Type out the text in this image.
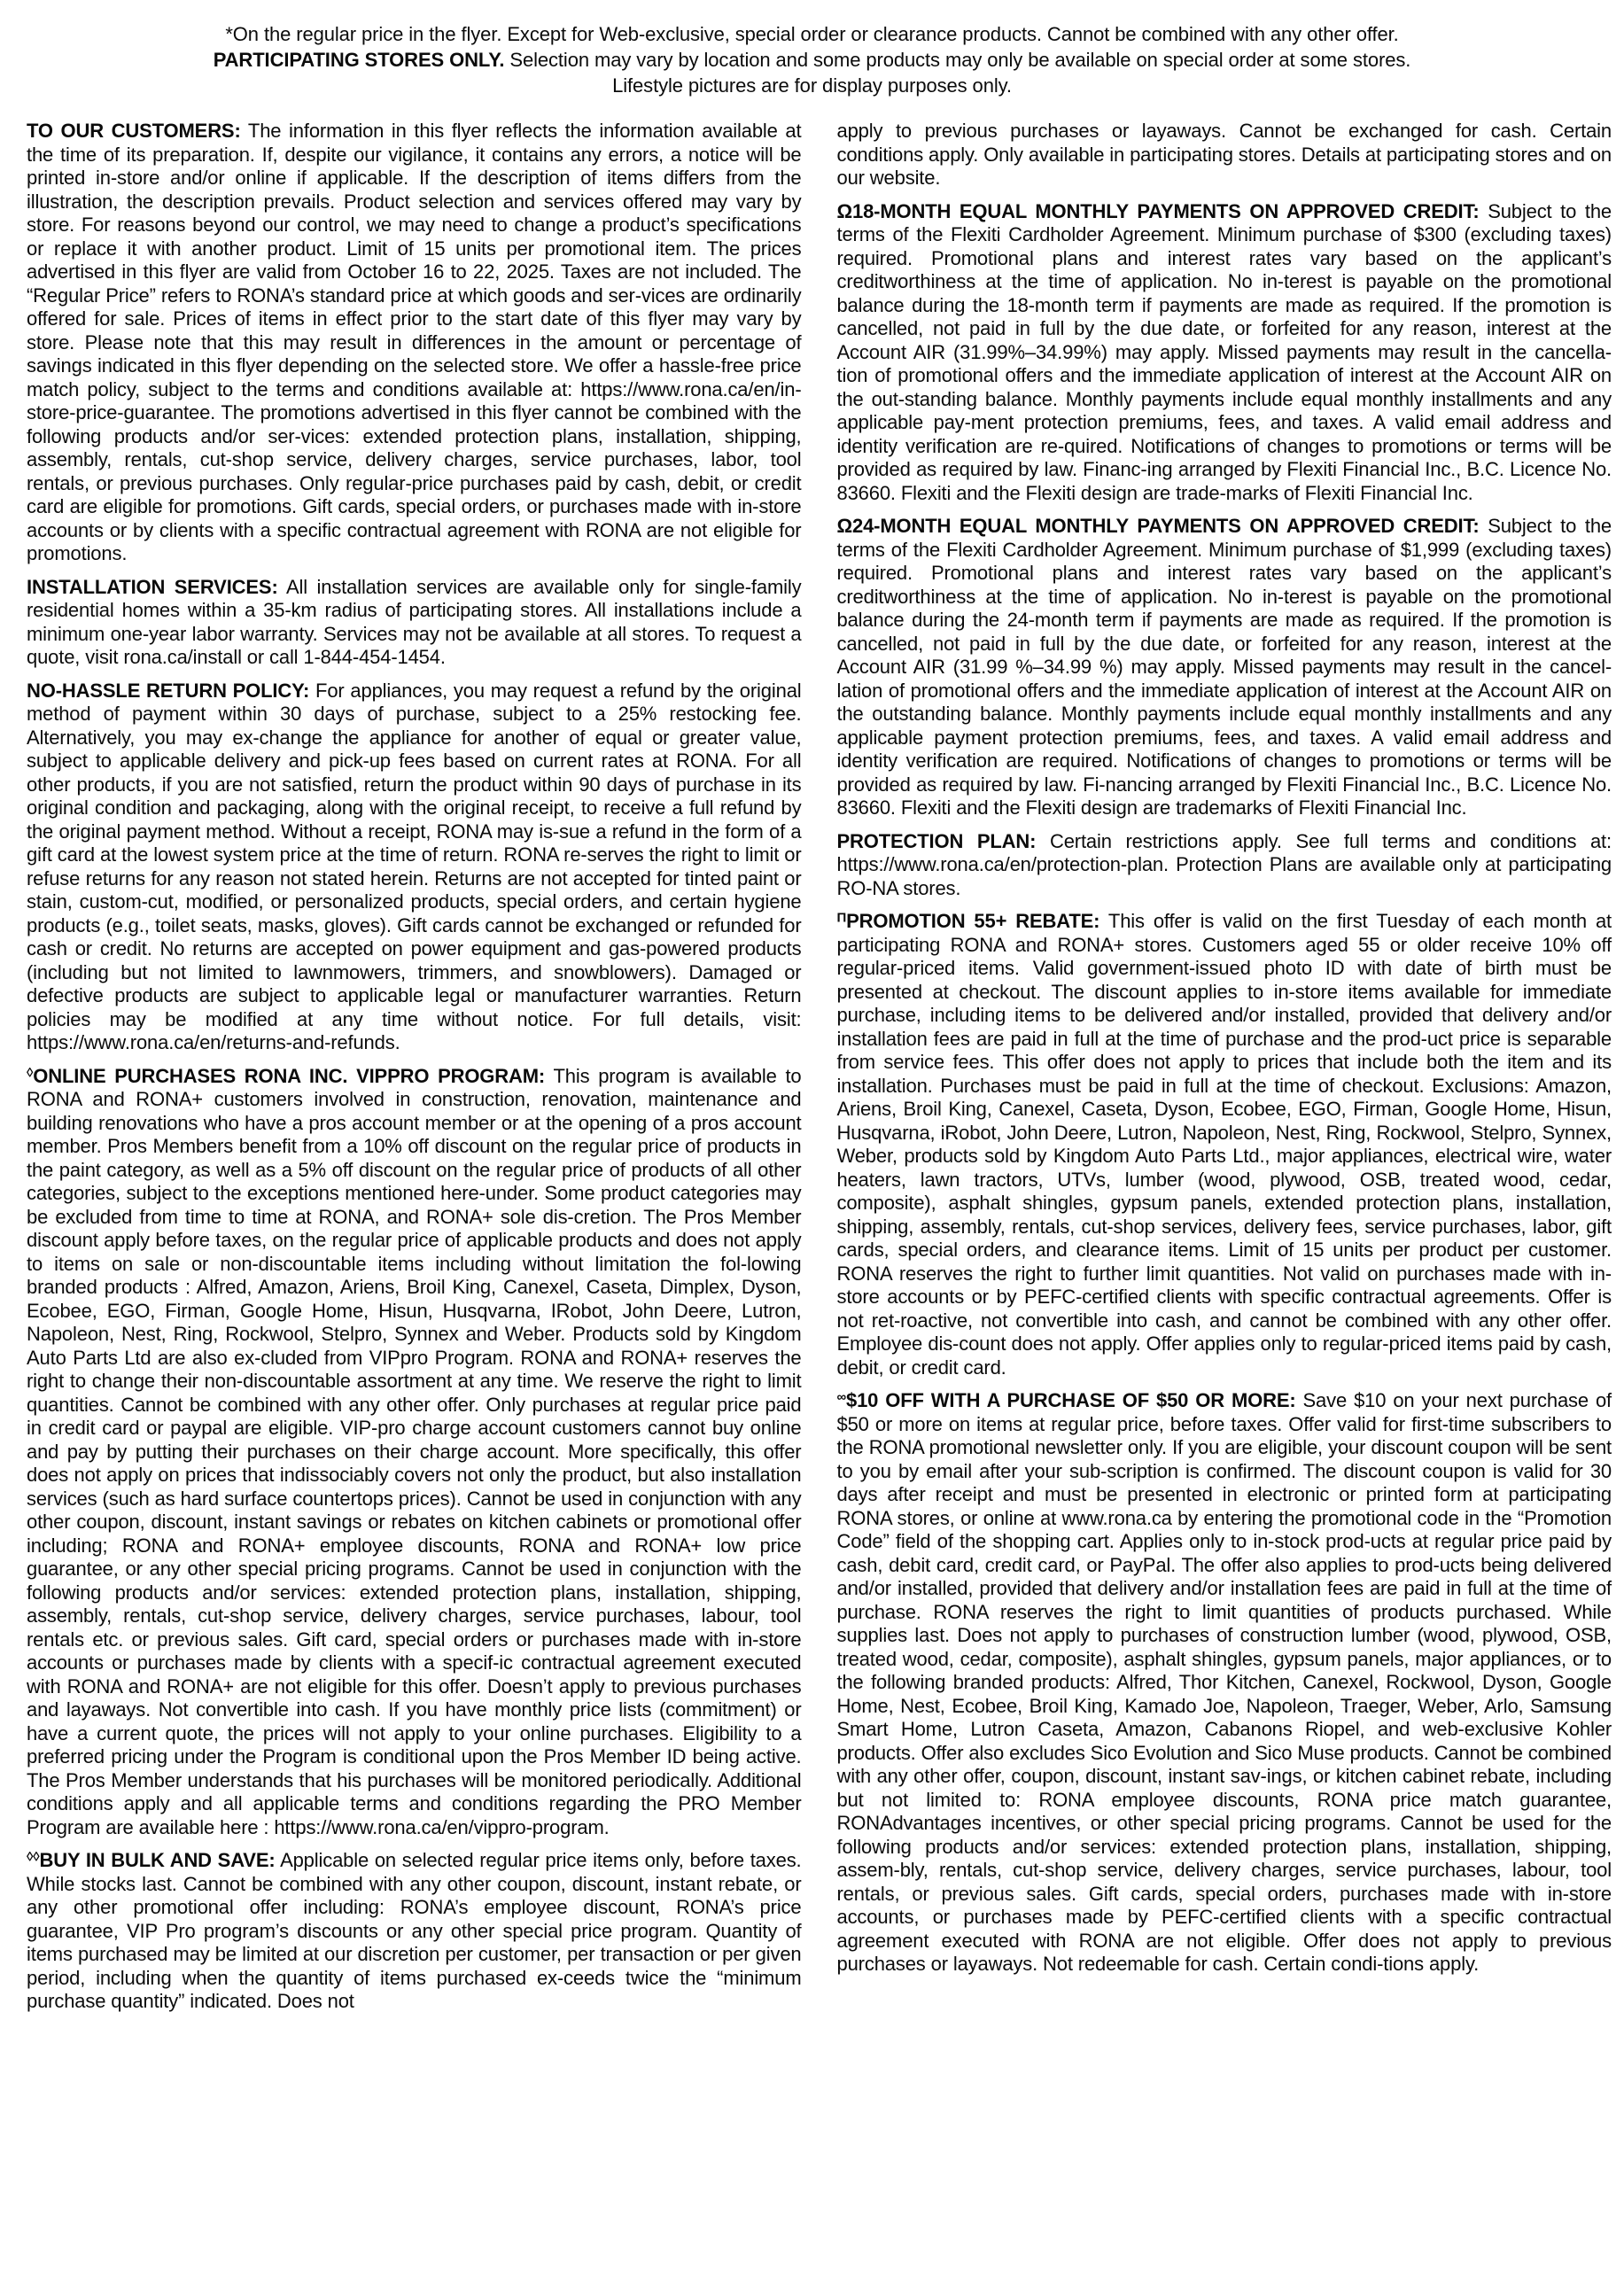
*On the regular price in the flyer. Except for Web-exclusive, special order or clearance products. Cannot be combined with any other offer.
PARTICIPATING STORES ONLY. Selection may vary by location and some products may only be available on special order at some stores.
Lifestyle pictures are for display purposes only.

TO OUR CUSTOMERS: The information in this flyer reflects the information available at the time of its preparation. If, despite our vigilance, it contains any errors, a notice will be printed in-store and/or online if applicable. If the description of items differs from the illustration, the description prevails. Product selection and services offered may vary by store. For reasons beyond our control, we may need to change a product’s specifications or replace it with another product. Limit of 15 units per promotional item. The prices advertised in this flyer are valid from October 16 to 22, 2025. Taxes are not included. The “Regular Price” refers to RONA’s standard price at which goods and ser-vices are ordinarily offered for sale. Prices of items in effect prior to the start date of this flyer may vary by store. Please note that this may result in differences in the amount or percentage of savings indicated in this flyer depending on the selected store. We offer a hassle-free price match policy, subject to the terms and conditions available at: https://www.rona.ca/en/in-store-price-guarantee. The promotions advertised in this flyer cannot be combined with the following products and/or ser-vices: extended protection plans, installation, shipping, assembly, rentals, cut-shop service, delivery charges, service purchases, labor, tool rentals, or previous purchases. Only regular-price purchases paid by cash, debit, or credit card are eligible for promotions. Gift cards, special orders, or purchases made with in-store accounts or by clients with a specific contractual agreement with RONA are not eligible for promotions.

INSTALLATION SERVICES: All installation services are available only for single-family residential homes within a 35-km radius of participating stores. All installations include a minimum one-year labor warranty. Services may not be available at all stores. To request a quote, visit rona.ca/install or call 1-844-454-1454.

NO-HASSLE RETURN POLICY: For appliances, you may request a refund by the original method of payment within 30 days of purchase, subject to a 25% restocking fee. Alternatively, you may ex-change the appliance for another of equal or greater value, subject to applicable delivery and pick-up fees based on current rates at RONA. For all other products, if you are not satisfied, return the product within 90 days of purchase in its original condition and packaging, along with the original receipt, to receive a full refund by the original payment method. Without a receipt, RONA may is-sue a refund in the form of a gift card at the lowest system price at the time of return. RONA re-serves the right to limit or refuse returns for any reason not stated herein. Returns are not accepted for tinted paint or stain, custom-cut, modified, or personalized products, special orders, and certain hygiene products (e.g., toilet seats, masks, gloves). Gift cards cannot be exchanged or refunded for cash or credit. No returns are accepted on power equipment and gas-powered products (including but not limited to lawnmowers, trimmers, and snowblowers). Damaged or defective products are subject to applicable legal or manufacturer warranties. Return policies may be modified at any time without notice. For full details, visit: https://www.rona.ca/en/returns-and-refunds.

◊ONLINE PURCHASES RONA INC. VIPPRO PROGRAM: This program is available to RONA and RONA+ customers involved in construction, renovation, maintenance and building renovations who have a pros account member or at the opening of a pros account member. Pros Members benefit from a 10% off discount on the regular price of products in the paint category, as well as a 5% off discount on the regular price of products of all other categories, subject to the exceptions mentioned here-under. Some product categories may be excluded from time to time at RONA, and RONA+ sole dis-cretion. The Pros Member discount apply before taxes, on the regular price of applicable products and does not apply to items on sale or non-discountable items including without limitation the fol-lowing branded products : Alfred, Amazon, Ariens, Broil King, Canexel, Caseta, Dimplex, Dyson, Ecobee, EGO, Firman, Google Home, Hisun, Husqvarna, IRobot, John Deere, Lutron, Napoleon, Nest, Ring, Rockwool, Stelpro, Synnex and Weber. Products sold by Kingdom Auto Parts Ltd are also ex-cluded from VIPpro Program. RONA and RONA+ reserves the right to change their non-discountable assortment at any time. We reserve the right to limit quantities. Cannot be combined with any other offer. Only purchases at regular price paid in credit card or paypal are eligible. VIP-pro charge account customers cannot buy online and pay by putting their purchases on their charge account. More specifically, this offer does not apply on prices that indissociably covers not only the product, but also installation services (such as hard surface countertops prices). Cannot be used in conjunction with any other coupon, discount, instant savings or rebates on kitchen cabinets or promotional offer including; RONA and RONA+ employee discounts, RONA and RONA+ low price guarantee, or any other special pricing programs. Cannot be used in conjunction with the following products and/or services: extended protection plans, installation, shipping, assembly, rentals, cut-shop service, delivery charges, service purchases, labour, tool rentals etc. or previous sales. Gift card, special orders or purchases made with in-store accounts or purchases made by clients with a specif-ic contractual agreement executed with RONA and RONA+ are not eligible for this offer. Doesn’t apply to previous purchases and layaways. Not convertible into cash. If you have monthly price lists (commitment) or have a current quote, the prices will not apply to your online purchases. Eligibility to a preferred pricing under the Program is conditional upon the Pros Member ID being active. The Pros Member understands that his purchases will be monitored periodically. Additional conditions apply and all applicable terms and conditions regarding the PRO Member Program are available here : https://www.rona.ca/en/vippro-program.

◊◊BUY IN BULK AND SAVE: Applicable on selected regular price items only, before taxes. While stocks last. Cannot be combined with any other coupon, discount, instant rebate, or any other promotional offer including: RONA’s employee discount, RONA’s price guarantee, VIP Pro program’s discounts or any other special price program. Quantity of items purchased may be limited at our discretion per customer, per transaction or per given period, including when the quantity of items purchased ex-ceeds twice the “minimum purchase quantity” indicated. Does not

apply to previous purchases or layaways. Cannot be exchanged for cash. Certain conditions apply. Only available in participating stores. Details at participating stores and on our website.

Ω18-MONTH EQUAL MONTHLY PAYMENTS ON APPROVED CREDIT: Subject to the terms of the Flexiti Cardholder Agreement. Minimum purchase of $300 (excluding taxes) required. Promotional plans and interest rates vary based on the applicant’s creditworthiness at the time of application. No in-terest is payable on the promotional balance during the 18-month term if payments are made as required. If the promotion is cancelled, not paid in full by the due date, or forfeited for any reason, interest at the Account AIR (31.99%–34.99%) may apply. Missed payments may result in the cancella-tion of promotional offers and the immediate application of interest at the Account AIR on the out-standing balance. Monthly payments include equal monthly installments and any applicable pay-ment protection premiums, fees, and taxes. A valid email address and identity verification are re-quired. Notifications of changes to promotions or terms will be provided as required by law. Financ-ing arranged by Flexiti Financial Inc., B.C. Licence No. 83660. Flexiti and the Flexiti design are trade-marks of Flexiti Financial Inc.

Ω24-MONTH EQUAL MONTHLY PAYMENTS ON APPROVED CREDIT: Subject to the terms of the Flexiti Cardholder Agreement. Minimum purchase of $1,999 (excluding taxes) required. Promotional plans and interest rates vary based on the applicant’s creditworthiness at the time of application. No in-terest is payable on the promotional balance during the 24-month term if payments are made as required. If the promotion is cancelled, not paid in full by the due date, or forfeited for any reason, interest at the Account AIR (31.99 %–34.99 %) may apply. Missed payments may result in the cancel-lation of promotional offers and the immediate application of interest at the Account AIR on the outstanding balance. Monthly payments include equal monthly installments and any applicable payment protection premiums, fees, and taxes. A valid email address and identity verification are required. Notifications of changes to promotions or terms will be provided as required by law. Fi-nancing arranged by Flexiti Financial Inc., B.C. Licence No. 83660. Flexiti and the Flexiti design are trademarks of Flexiti Financial Inc.

PROTECTION PLAN: Certain restrictions apply. See full terms and conditions at: https://www.rona.ca/en/protection-plan. Protection Plans are available only at participating RO-NA stores.

$^\Pi$PROMOTION 55+ REBATE: This offer is valid on the first Tuesday of each month at participating RONA and RONA+ stores. Customers aged 55 or older receive 10% off regular-priced items. Valid government-issued photo ID with date of birth must be presented at checkout. The discount applies to in-store items available for immediate purchase, including items to be delivered and/or installed, provided that delivery and/or installation fees are paid in full at the time of purchase and the prod-uct price is separable from service fees. This offer does not apply to prices that include both the item and its installation. Purchases must be paid in full at the time of checkout. Exclusions: Amazon, Ariens, Broil King, Canexel, Caseta, Dyson, Ecobee, EGO, Firman, Google Home, Hisun, Husqvarna, iRobot, John Deere, Lutron, Napoleon, Nest, Ring, Rockwool, Stelpro, Synnex, Weber, products sold by Kingdom Auto Parts Ltd., major appliances, electrical wire, water heaters, lawn tractors, UTVs, lumber (wood, plywood, OSB, treated wood, cedar, composite), asphalt shingles, gypsum panels, extended protection plans, installation, shipping, assembly, rentals, cut-shop services, delivery fees, service purchases, labor, gift cards, special orders, and clearance items. Limit of 15 units per product per customer. RONA reserves the right to further limit quantities. Not valid on purchases made with in-store accounts or by PEFC-certified clients with specific contractual agreements. Offer is not ret-roactive, not convertible into cash, and cannot be combined with any other offer. Employee dis-count does not apply. Offer applies only to regular-priced items paid by cash, debit, or credit card.

∞$10 OFF WITH A PURCHASE OF $50 OR MORE: Save $10 on your next purchase of $50 or more on items at regular price, before taxes. Offer valid for first-time subscribers to the RONA promotional newsletter only. If you are eligible, your discount coupon will be sent to you by email after your sub-scription is confirmed. The discount coupon is valid for 30 days after receipt and must be presented in electronic or printed form at participating RONA stores, or online at www.rona.ca by entering the promotional code in the “Promotion Code” field of the shopping cart. Applies only to in-stock prod-ucts at regular price paid by cash, debit card, credit card, or PayPal. The offer also applies to prod-ucts being delivered and/or installed, provided that delivery and/or installation fees are paid in full at the time of purchase. RONA reserves the right to limit quantities of products purchased. While supplies last. Does not apply to purchases of construction lumber (wood, plywood, OSB, treated wood, cedar, composite), asphalt shingles, gypsum panels, major appliances, or to the following branded products: Alfred, Thor Kitchen, Canexel, Rockwool, Dyson, Google Home, Nest, Ecobee, Broil King, Kamado Joe, Napoleon, Traeger, Weber, Arlo, Samsung Smart Home, Lutron Caseta, Amazon, Cabanons Riopel, and web-exclusive Kohler products. Offer also excludes Sico Evolution and Sico Muse products. Cannot be combined with any other offer, coupon, discount, instant sav-ings, or kitchen cabinet rebate, including but not limited to: RONA employee discounts, RONA price match guarantee, RONAdvantages incentives, or other special pricing programs. Cannot be used for the following products and/or services: extended protection plans, installation, shipping, assem-bly, rentals, cut-shop service, delivery charges, service purchases, labour, tool rentals, or previous sales. Gift cards, special orders, purchases made with in-store accounts, or purchases made by PEFC-certified clients with a specific contractual agreement executed with RONA are not eligible. Offer does not apply to previous purchases or layaways. Not redeemable for cash. Certain condi-tions apply.
